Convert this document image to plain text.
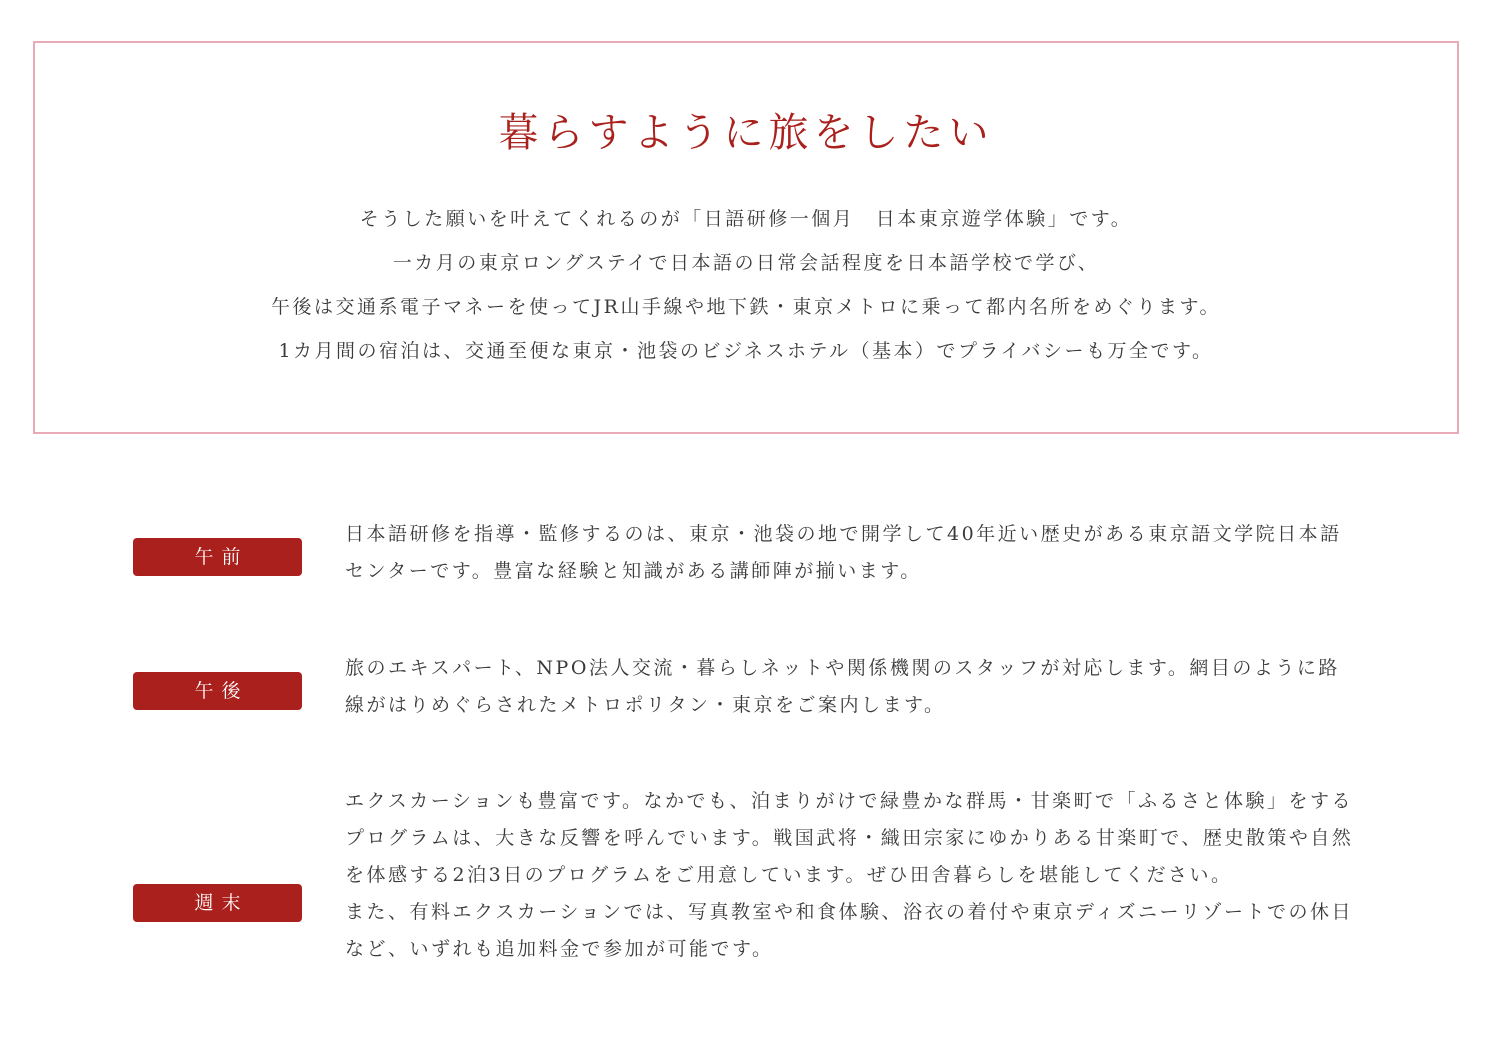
暮らすように旅をしたい
そうした願いを叶えてくれるのが「日語研修一個月　日本東京遊学体験」です。
一カ月の東京ロングステイで日本語の日常会話程度を日本語学校で学び、
午後は交通系電子マネーを使ってJR山手線や地下鉄・東京メトロに乗って都内名所をめぐります。
1カ月間の宿泊は、交通至便な東京・池袋のビジネスホテル（基本）でプライバシーも万全です。
午前

日本語研修を指導・監修するのは、東京・池袋の地で開学して40年近い歴史がある東京語文学院日本語センターです。豊富な経験と知識がある講師陣が揃います。

午後

旅のエキスパート、NPO法人交流・暮らしネットや関係機関のスタッフが対応します。網目のように路線がはりめぐらされたメトロポリタン・東京をご案内します。

週末

エクスカーションも豊富です。なかでも、泊まりがけで緑豊かな群馬・甘楽町で「ふるさと体験」をするプログラムは、大きな反響を呼んでいます。戦国武将・織田宗家にゆかりある甘楽町で、歴史散策や自然を体感する2泊3日のプログラムをご用意しています。ぜひ田舎暮らしを堪能してください。

また、有料エクスカーションでは、写真教室や和食体験、浴衣の着付や東京ディズニーリゾートでの休日など、いずれも追加料金で参加が可能です。
